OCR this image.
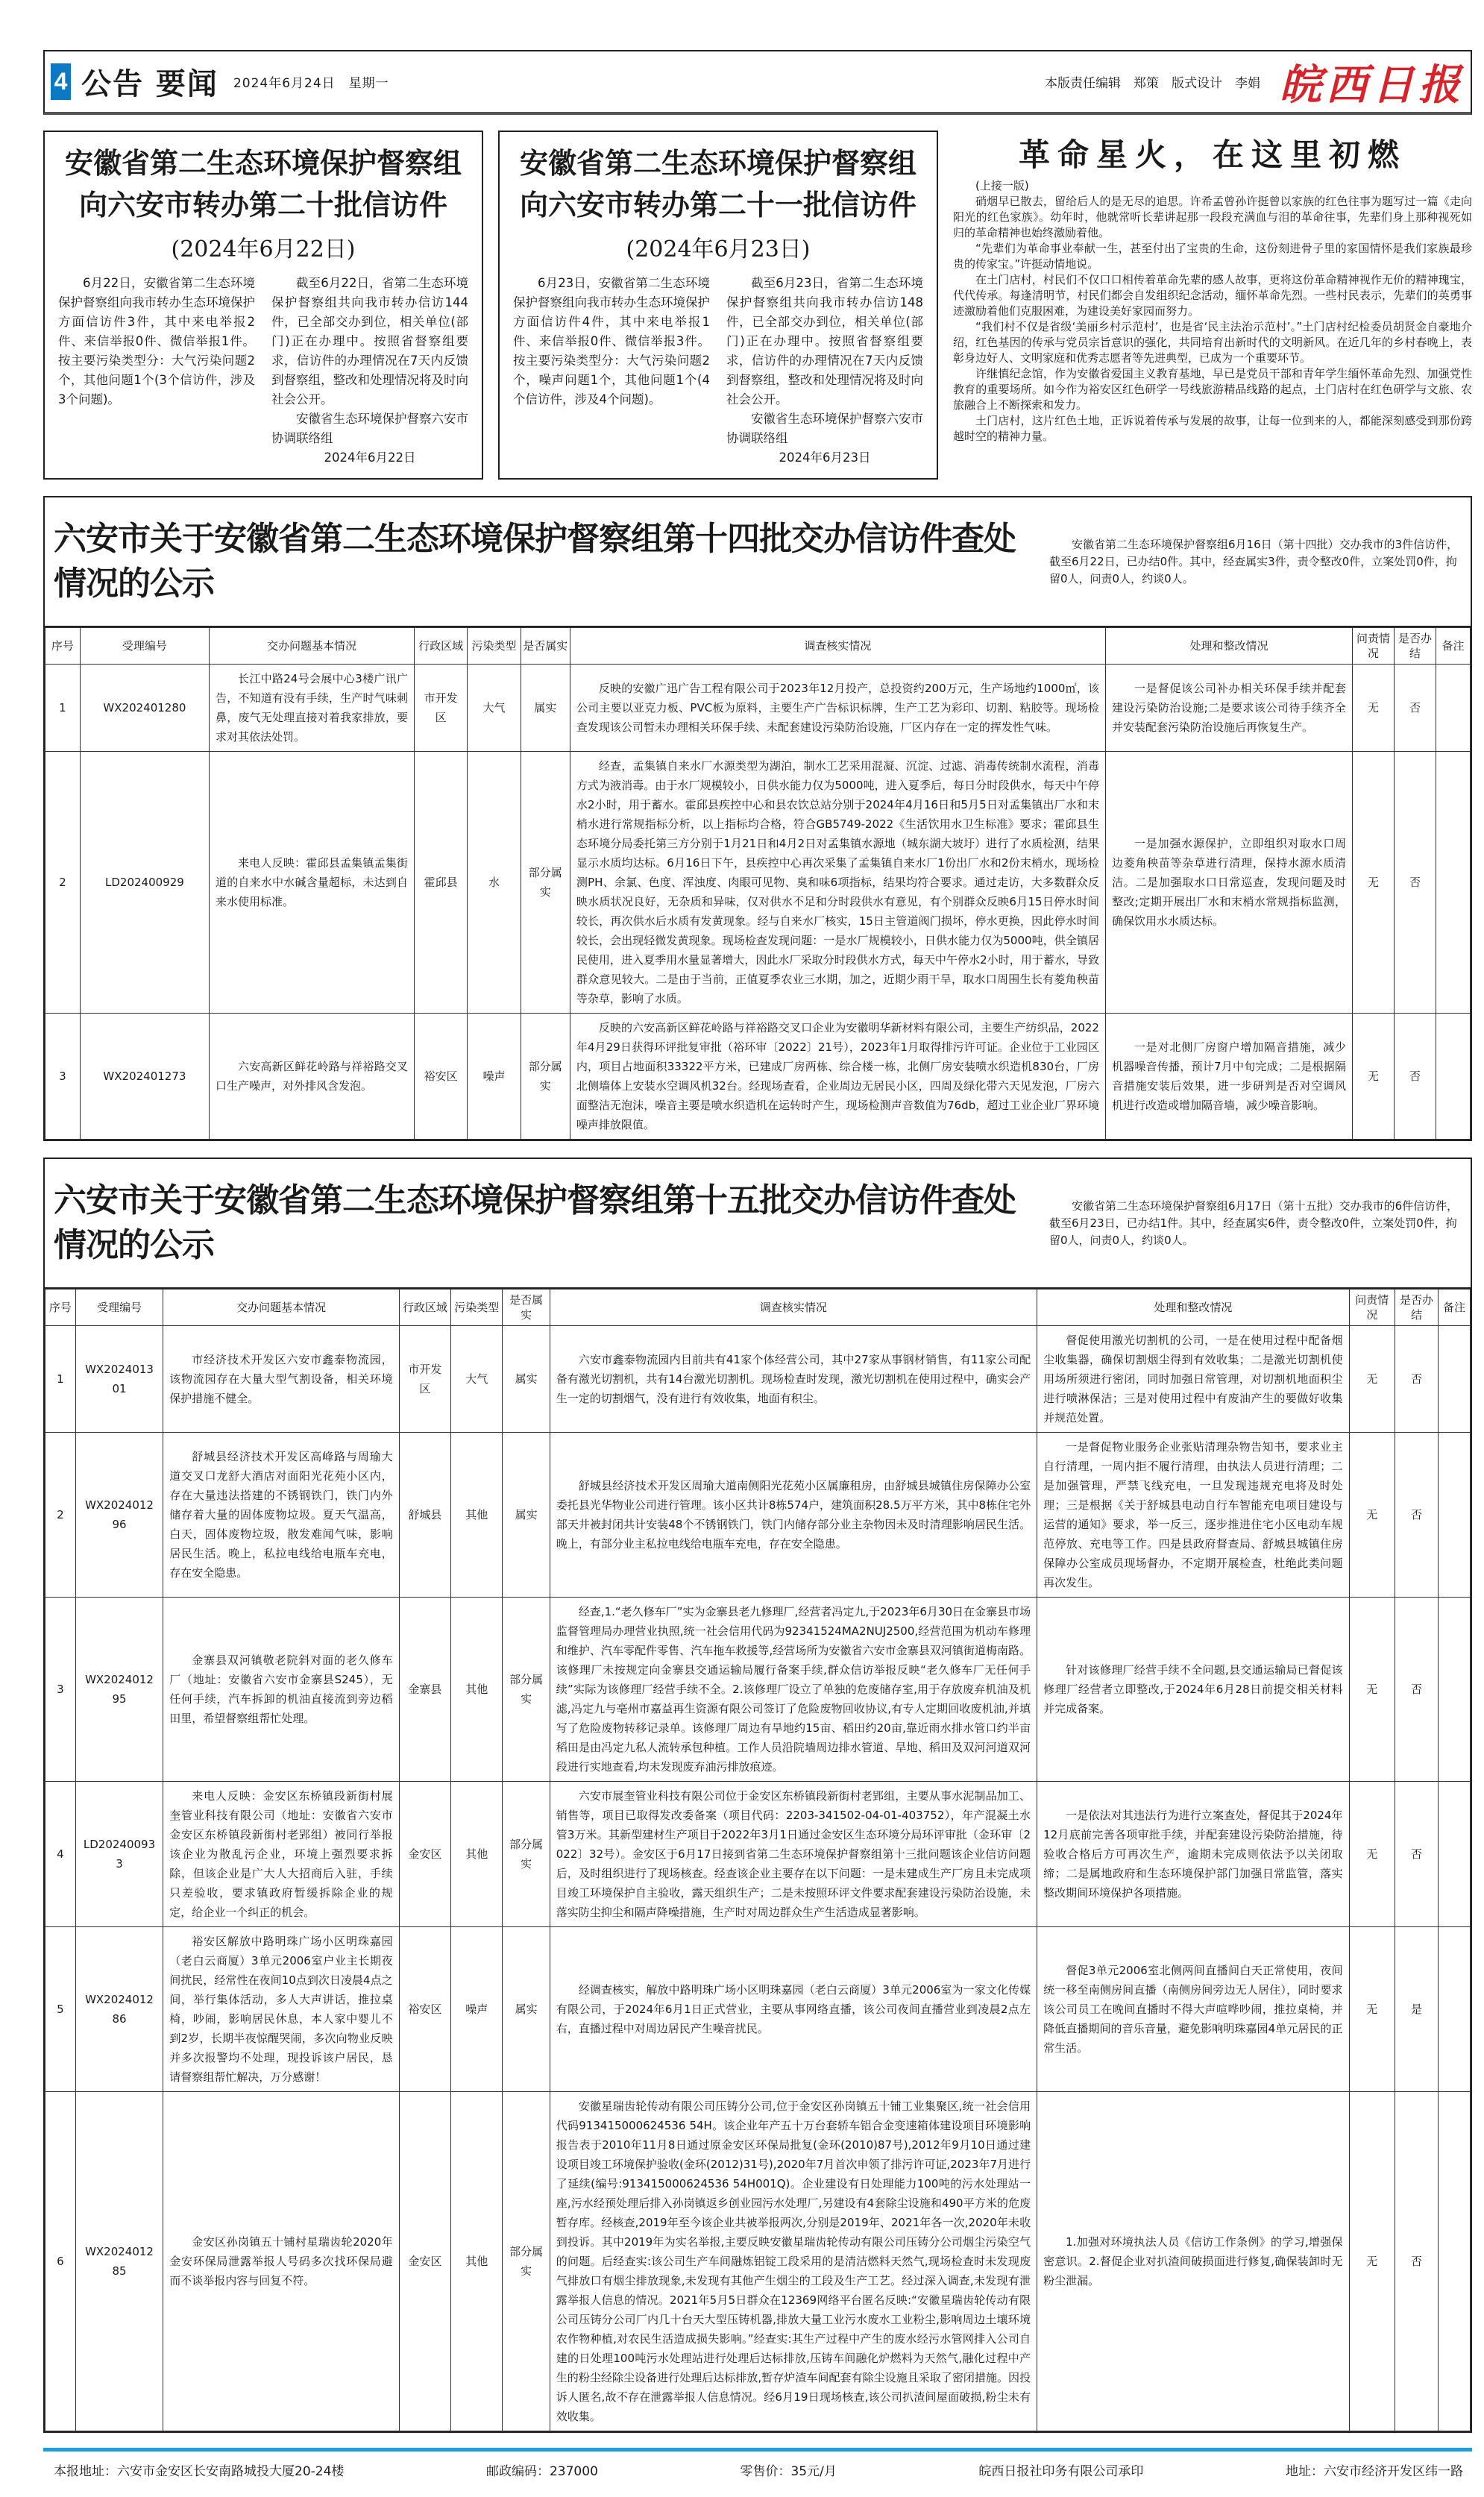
4 公告 要闻 2024年6月24日　星期一	本版责任编辑　郑策　版式设计　李娟 皖西日报
安徽省第二生态环境保护督察组
向六安市转办第二十批信访件
(2024年6月22日)

6月22日，安徽省第二生态环境保护督察组向我市转办生态环境保护方面信访件3件，其中来电举报2件、来信举报0件、微信举报1件。按主要污染类型分：大气污染问题2个，其他问题1个(3个信访件，涉及3个问题)。

截至6月22日，省第二生态环境保护督察组共向我市转办信访144件，已全部交办到位，相关单位(部门)正在办理中。按照省督察组要求，信访件的办理情况在7天内反馈到督察组，整改和处理情况将及时向社会公开。

安徽省生态环境保护督察六安市协调联络组
2024年6月22日
安徽省第二生态环境保护督察组
向六安市转办第二十一批信访件
(2024年6月23日)

6月23日，安徽省第二生态环境保护督察组向我市转办生态环境保护方面信访件4件，其中来电举报1件、来信举报0件、微信举报3件。按主要污染类型分：大气污染问题2个，噪声问题1个，其他问题1个(4个信访件，涉及4个问题)。

截至6月23日，省第二生态环境保护督察组共向我市转办信访148件，已全部交办到位，相关单位(部门)正在办理中。按照省督察组要求，信访件的办理情况在7天内反馈到督察组，整改和处理情况将及时向社会公开。

安徽省生态环境保护督察六安市协调联络组
2024年6月23日
革命星火，在这里初燃

(上接一版)

硝烟早已散去，留给后人的是无尽的追思。许希孟曾孙许挺曾以家族的红色往事为题写过一篇《走向阳光的红色家族》。幼年时，他就常听长辈讲起那一段段充满血与泪的革命往事，先辈们身上那种视死如归的革命精神也始终激励着他。

“先辈们为革命事业奉献一生，甚至付出了宝贵的生命，这份刻进骨子里的家国情怀是我们家族最珍贵的传家宝。”许挺动情地说。

在土门店村，村民们不仅口口相传着革命先辈的感人故事，更将这份革命精神视作无价的精神瑰宝，代代传承。每逢清明节，村民们都会自发组织纪念活动，缅怀革命先烈。一些村民表示，先辈们的英勇事迹激励着他们克服困难，为建设美好家园而努力。

“我们村不仅是省级‘美丽乡村示范村’，也是省‘民主法治示范村’。”土门店村纪检委员胡贤金自豪地介绍，红色基因的传承与党员宗旨意识的强化，共同培育出新时代的文明新风。在近几年的乡村春晚上，表彰身边好人、文明家庭和优秀志愿者等先进典型，已成为一个重要环节。

许继慎纪念馆，作为安徽省爱国主义教育基地，早已是党员干部和青年学生缅怀革命先烈、加强党性教育的重要场所。如今作为裕安区红色研学一号线旅游精品线路的起点，土门店村在红色研学与文旅、农旅融合上不断探索和发力。

土门店村，这片红色土地，正诉说着传承与发展的故事，让每一位到来的人，都能深刻感受到那份跨越时空的精神力量。

六安市关于安徽省第二生态环境保护督察组第十四批交办信访件查处情况的公示
安徽省第二生态环境保护督察组6月16日（第十四批）交办我市的3件信访件，截至6月22日，已办结0件。其中，经查属实3件，责令整改0件，立案处罚0件，拘留0人，问责0人，约谈0人。
序号	受理编号	交办问题基本情况	行政区域	污染类型	是否属实	调查核实情况	处理和整改情况	问责情况	是否办结	备注
1	WX202401280	长江中路24号会展中心3楼广讯广告，不知道有没有手续，生产时气味刺鼻，废气无处理直接对着我家排放，要求对其依法处罚。	市开发区	大气	属实	反映的安徽广迅广告工程有限公司于2023年12月投产，总投资约200万元，生产场地约1000㎡，该公司主要以亚克力板、PVC板为原料，主要生产广告标识标牌，生产工艺为彩印、切割、粘胶等。现场检查发现该公司暂未办理相关环保手续、未配套建设污染防治设施，厂区内存在一定的挥发性气味。	一是督促该公司补办相关环保手续并配套建设污染防治设施;二是要求该公司待手续齐全并安装配套污染防治设施后再恢复生产。	无	否	
2	LD202400929	来电人反映：霍邱县孟集镇孟集街道的自来水中水碱含量超标，未达到自来水使用标准。	霍邱县	水	部分属实	经查，孟集镇自来水厂水源类型为湖泊，制水工艺采用混凝、沉淀、过滤、消毒传统制水流程，消毒方式为液消毒。由于水厂规模较小，日供水能力仅为5000吨，进入夏季后，每日分时段供水，每天中午停水2小时，用于蓄水。霍邱县疾控中心和县农饮总站分别于2024年4月16日和5月5日对孟集镇出厂水和末梢水进行常规指标分析，以上指标均合格，符合GB5749-2022《生活饮用水卫生标准》要求；霍邱县生态环境分局委托第三方分别于1月21日和4月2日对孟集镇水源地（城东湖大坡圩）进行了水质检测，结果显示水质均达标。6月16日下午，县疾控中心再次采集了孟集镇自来水厂1份出厂水和2份末梢水，现场检测PH、余氯、色度、浑浊度、肉眼可见物、臭和味6项指标，结果均符合要求。通过走访，大多数群众反映水质状况良好，无杂质和异味，仅对供水不足和分时段供水有意见，有个别群众反映6月15日停水时间较长，再次供水后水质有发黄现象。经与自来水厂核实，15日主管道阀门损坏，停水更换，因此停水时间较长，会出现轻微发黄现象。现场检查发现问题：一是水厂规模较小，日供水能力仅为5000吨，供全镇居民使用，进入夏季用水量显著增大，因此水厂采取分时段供水方式，每天中午停水2小时，用于蓄水，导致群众意见较大。二是由于当前，正值夏季农业三水期，加之，近期少雨干旱，取水口周围生长有菱角秧苗等杂草，影响了水质。	一是加强水源保护，立即组织对取水口周边菱角秧苗等杂草进行清理，保持水源水质清洁。二是加强取水口日常巡查，发现问题及时整改;定期开展出厂水和末梢水常规指标监测，确保饮用水水质达标。	无	否	
3	WX202401273	六安高新区鲜花岭路与祥裕路交叉口生产噪声，对外排风含发泡。	裕安区	噪声	部分属实	反映的六安高新区鲜花岭路与祥裕路交叉口企业为安徽明华新材料有限公司，主要生产纺织品，2022年4月29日获得环评批复审批（裕环审〔2022〕21号），2023年1月取得排污许可证。企业位于工业园区内，项目占地面积33322平方米，已建成厂房两栋、综合楼一栋，北侧厂房安装喷水织造机830台，厂房北侧墙体上安装水空调风机32台。经现场查看，企业周边无居民小区，四周及绿化带六天见发泡，厂房六面整洁无泡沫，噪音主要是喷水织造机在运转时产生，现场检测声音数值为76db，超过工业企业厂界环境噪声排放限值。	一是对北侧厂房窗户增加隔音措施，减少机器噪音传播，预计7月中旬完成；二是根据隔音措施安装后效果，进一步研判是否对空调风机进行改造或增加隔音墙，减少噪音影响。	无	否	
六安市关于安徽省第二生态环境保护督察组第十五批交办信访件查处情况的公示
安徽省第二生态环境保护督察组6月17日（第十五批）交办我市的6件信访件，截至6月23日，已办结1件。其中，经查属实6件，责令整改0件，立案处罚0件，拘留0人，问责0人，约谈0人。
序号	受理编号	交办问题基本情况	行政区域	污染类型	是否属实	调查核实情况	处理和整改情况	问责情况	是否办结	备注
1	WX202401301	市经济技术开发区六安市鑫泰物流园，该物流园存在大量大型气割设备，相关环境保护措施不健全。	市开发区	大气	属实	六安市鑫泰物流园内目前共有41家个体经营公司，其中27家从事钢材销售，有11家公司配备有激光切割机，共有14台激光切割机。现场检查时发现，激光切割机在使用过程中，确实会产生一定的切割烟气，没有进行有效收集，地面有积尘。	督促使用激光切割机的公司，一是在使用过程中配备烟尘收集器，确保切割烟尘得到有效收集；二是激光切割机使用场所须进行密闭，同时加强日常管理，对切割机地面积尘进行喷淋保洁；三是对使用过程中有废油产生的要做好收集并规范处置。	无	否	
2	WX202401296	舒城县经济技术开发区高峰路与周瑜大道交叉口龙舒大酒店对面阳光花苑小区内，存在大量违法搭建的不锈钢铁门，铁门内外储存着大量的固体废物垃圾。夏天气温高，白天，固体废物垃圾，散发难闻气味，影响居民生活。晚上，私拉电线给电瓶车充电，存在安全隐患。	舒城县	其他	属实	舒城县经济技术开发区周瑜大道南侧阳光花苑小区属廉租房，由舒城县城镇住房保障办公室委托县光华物业公司进行管理。该小区共计8栋574户，建筑面积28.5万平方米，其中8栋住宅外部天井被封闭共计安装48个不锈钢铁门，铁门内储存部分业主杂物因未及时清理影响居民生活。晚上，有部分业主私拉电线给电瓶车充电，存在安全隐患。	一是督促物业服务企业张贴清理杂物告知书，要求业主自行清理，一周内拒不履行清理，由执法人员进行清理；二是加强管理，严禁飞线充电，一旦发现违规充电将及时处理；三是根据《关于舒城县电动自行车智能充电项目建设与运营的通知》要求，举一反三，逐步推进住宅小区电动车规范停放、充电等工作。四是县政府督查局、舒城县城镇住房保障办公室成员现场督办，不定期开展检查，杜绝此类问题再次发生。	无	否	
3	WX202401295	金寨县双河镇敬老院斜对面的老久修车厂（地址：安徽省六安市金寨县S245），无任何手续，汽车拆卸的机油直接流到旁边稻田里，希望督察组帮忙处理。	金寨县	其他	部分属实	经查,1.“老久修车厂”实为金寨县老九修理厂,经营者冯定九,于2023年6月30日在金寨县市场监督管理局办理营业执照,统一社会信用代码为92341524MA2NUJ2500,经营范围为机动车修理和维护、汽车零配件零售、汽车拖车救援等,经营场所为安徽省六安市金寨县双河镇街道梅南路。该修理厂未按规定向金寨县交通运输局履行备案手续,群众信访举报反映“老久修车厂无任何手续”实际为该修理厂经营手续不全。2.该修理厂设立了单独的危废储存室,用于存放废弃机油及机滤,冯定九与亳州市嘉益再生资源有限公司签订了危险废物回收协议,有专人定期回收废机油,并填写了危险废物转移记录单。该修理厂周边有旱地约15亩、稻田约20亩,靠近雨水排水管口约半亩稻田是由冯定九私人流转承包种植。工作人员沿院墙周边排水管道、旱地、稻田及双河河道双河段进行实地查看,均未发现废弃油污排放痕迹。	针对该修理厂经营手续不全问题,县交通运输局已督促该修理厂经营者立即整改,于2024年6月28日前提交相关材料并完成备案。	无	否	
4	LD202400933	来电人反映：金安区东桥镇段新街村展奎管业科技有限公司（地址：安徽省六安市金安区东桥镇段新街村老郢组）被同行举报该企业为散乱污企业，环境上强烈要求拆除，但该企业是广大人大招商后入驻，手续只差验收，要求镇政府暂缓拆除企业的规定，给企业一个纠正的机会。	金安区	其他	部分属实	六安市展奎管业科技有限公司位于金安区东桥镇段新街村老郢组，主要从事水泥制品加工、销售等，项目已取得发改委备案（项目代码：2203-341502-04-01-403752），年产混凝土水管3万米。其新型建材生产项目于2022年3月1日通过金安区生态环境分局环评审批（金环审〔2022〕32号）。金安区于6月17日接到省第二生态环境保护督察组第十三批问题该企业信访问题后，及时组织进行了现场核查。经查该企业主要存在以下问题：一是未建成生产厂房且未完成项目竣工环境保护自主验收，露天组织生产；二是未按照环评文件要求配套建设污染防治设施，未落实防尘抑尘和隔声降噪措施，生产时对周边群众生产生活造成显著影响。	一是依法对其违法行为进行立案查处，督促其于2024年12月底前完善各项审批手续，并配套建设污染防治措施，待验收合格后方可再次生产，逾期未完成则依法予以关闭取缔；二是属地政府和生态环境保护部门加强日常监管，落实整改期间环境保护各项措施。	无	否	
5	WX202401286	裕安区解放中路明珠广场小区明珠嘉园（老白云商厦）3单元2006室户业主长期夜间扰民，经常性在夜间10点到次日凌晨4点之间，举行集体活动，多人大声讲话，推拉桌椅，吵闹，影响居民休息，本人家中婴儿不到2岁，长期半夜惊醒哭闹，多次向物业反映并多次报警均不处理，现投诉该户居民，恳请督察组帮忙解决，万分感谢！	裕安区	噪声	属实	经调查核实，解放中路明珠广场小区明珠嘉园（老白云商厦）3单元2006室为一家文化传媒有限公司，于2024年6月1日正式营业，主要从事网络直播，该公司夜间直播营业到凌晨2点左右，直播过程中对周边居民产生噪音扰民。	督促3单元2006室北侧两间直播间白天正常使用，夜间统一移至南侧房间直播（南侧房间旁边无人居住），同时要求该公司员工在晚间直播时不得大声喧哗吵闹，推拉桌椅，并降低直播期间的音乐音量，避免影响明珠嘉园4单元居民的正常生活。	无	是	
6	WX202401285	金安区孙岗镇五十铺村星瑞齿轮2020年金安环保局泄露举报人号码多次找环保局避而不谈举报内容与回复不符。	金安区	其他	部分属实	安徽星瑞齿轮传动有限公司压铸分公司,位于金安区孙岗镇五十铺工业集聚区,统一社会信用代码913415000624536 54H。该企业年产五十万台套轿车铝合金变速箱体建设项目环境影响报告表于2010年11月8日通过原金安区环保局批复(金环(2010)87号),2012年9月10日通过建设项目竣工环境保护验收(金环(2012)31号),2020年7月首次申领了排污许可证,2023年7月进行了延续(编号:913415000624536 54H001Q)。企业建设有日处理能力100吨的污水处理站一座,污水经预处理后排入孙岗镇返乡创业园污水处理厂,另建设有4套除尘设施和490平方米的危废暂存库。经核查,2019年至今该企业共被举报两次,分别是2019年、2021年各一次,2020年未收到投诉。其中2019年为实名举报,主要反映安徽星瑞齿轮传动有限公司压铸分公司烟尘污染空气的问题。后经查实:该公司生产车间融炼铝锭工段采用的是清洁燃料天然气,现场检查时未发现废气排放口有烟尘排放现象,未发现有其他产生烟尘的工段及生产工艺。经过深入调查,未发现有泄露举报人信息的情况。2021年5月5日群众在12369网络平台匿名反映:“安徽星瑞齿轮传动有限公司压铸分公司厂内几十台天大型压铸机器,排放大量工业污水废水工业粉尘,影响周边土壤环境农作物种植,对农民生活造成损失影响。”经查实:其生产过程中产生的废水经污水管网排入公司自建的日处理100吨污水处理站进行处理后达标排放,压铸车间融化炉燃料为天然气,融化过程中产生的粉尘经除尘设备进行处理后达标排放,暂存炉渣车间配套有除尘设施且采取了密闭措施。因投诉人匿名,故不存在泄露举报人信息情况。经6月19日现场核查,该公司扒渣间屋面破损,粉尘未有效收集。	1.加强对环境执法人员《信访工作条例》的学习,增强保密意识。2.督促企业对扒渣间破损面进行修复,确保装卸时无粉尘泄漏。	无	否	
本报地址：六安市金安区长安南路城投大厦20-24楼	邮政编码：237000	零售价：35元/月	皖西日报社印务有限公司承印	地址：六安市经济开发区纬一路
